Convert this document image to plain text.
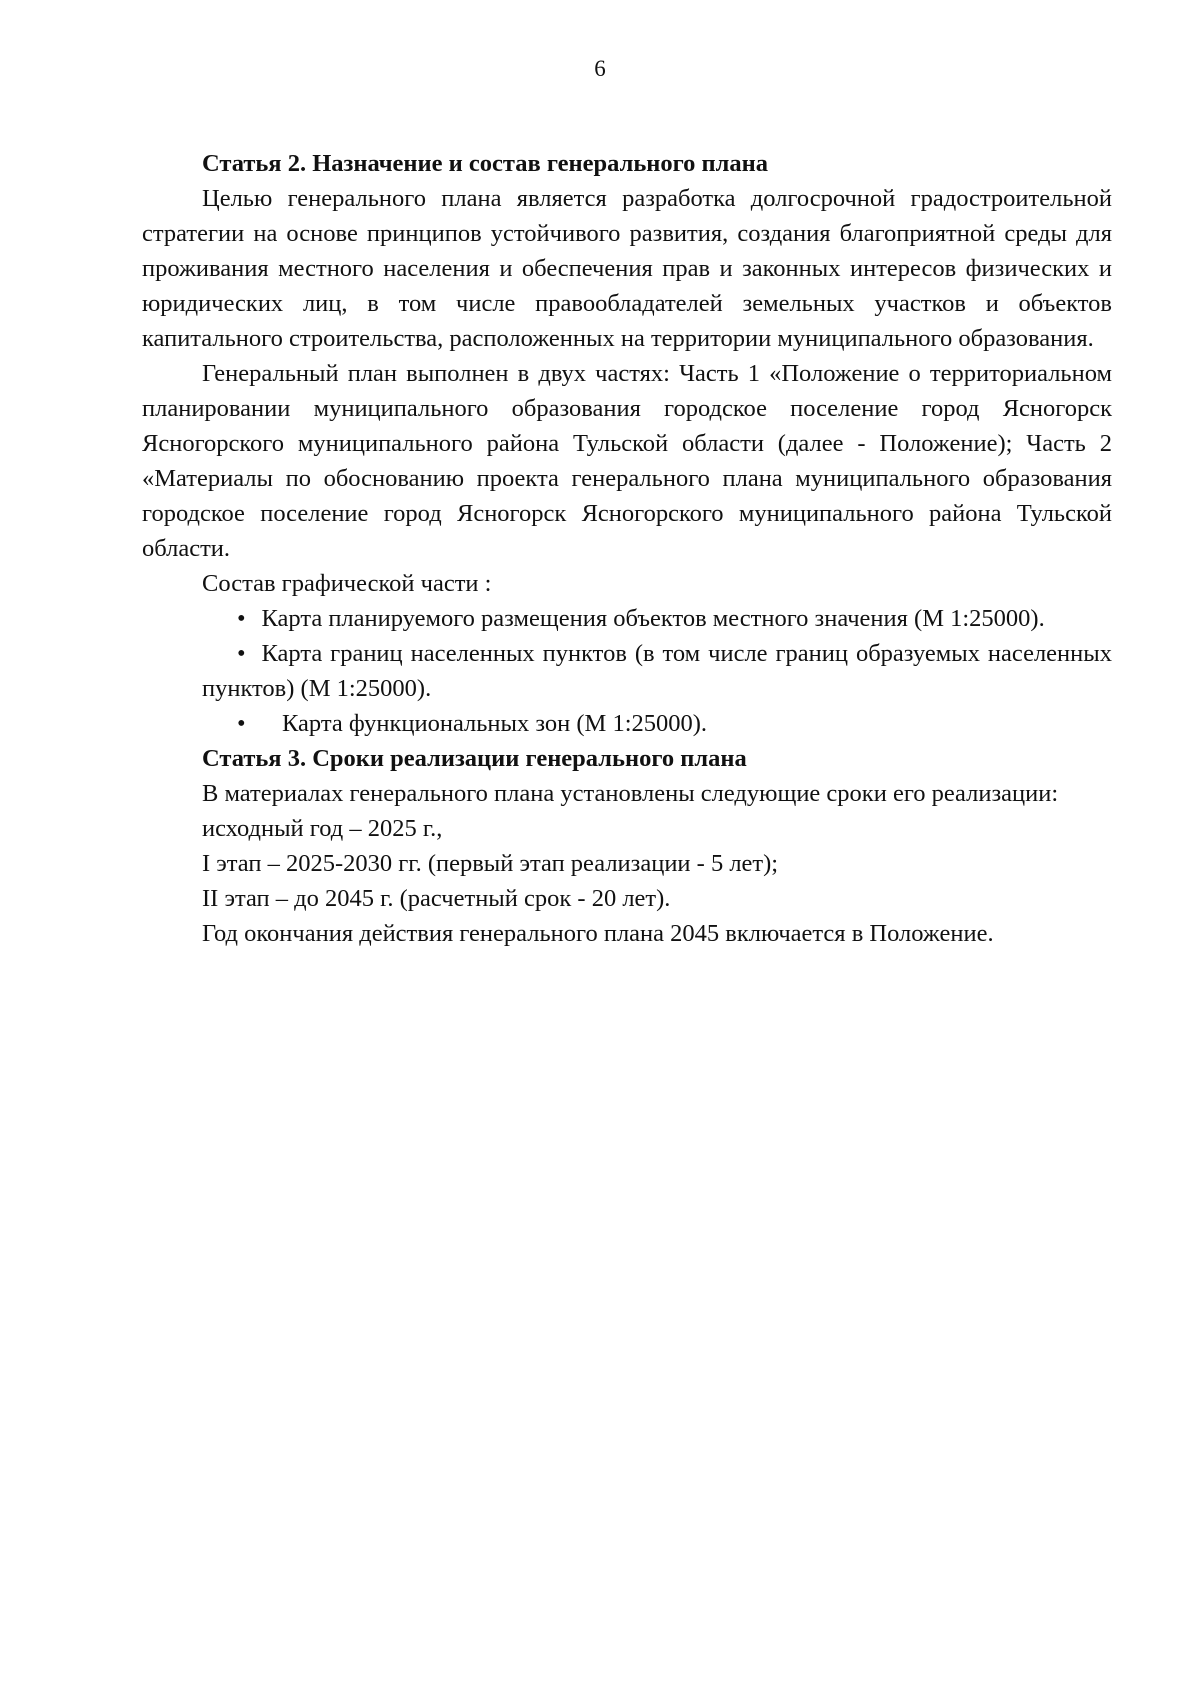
6

Статья 2. Назначение и состав генерального плана

Целью генерального плана является разработка долгосрочной градостроительной стратегии на основе принципов устойчивого развития, создания благоприятной среды для проживания местного населения и обеспечения прав и законных интересов физических и юридических лиц, в том числе правообладателей земельных участков и объектов капитального строительства, расположенных на территории муниципального образования.

Генеральный план выполнен в двух частях: Часть 1 «Положение о территориальном планировании муниципального образования городское поселение город Ясногорск Ясногорского муниципального района Тульской области (далее - Положение); Часть 2 «Материалы по обоснованию проекта генерального плана муниципального образования городское поселение город Ясногорск Ясногорского муниципального района Тульской области.

Состав графической части :

• Карта планируемого размещения объектов местного значения (М 1:25000).

• Карта границ населенных пунктов (в том числе границ образуемых населенных пунктов) (М 1:25000).

• Карта функциональных зон (М 1:25000).

Статья 3. Сроки реализации генерального плана

В материалах генерального плана установлены следующие сроки его реализации:

исходный год – 2025 г.,

I этап – 2025-2030 гг. (первый этап реализации - 5 лет);

II этап – до 2045 г. (расчетный срок - 20 лет).

Год окончания действия генерального плана 2045 включается в Положение.
